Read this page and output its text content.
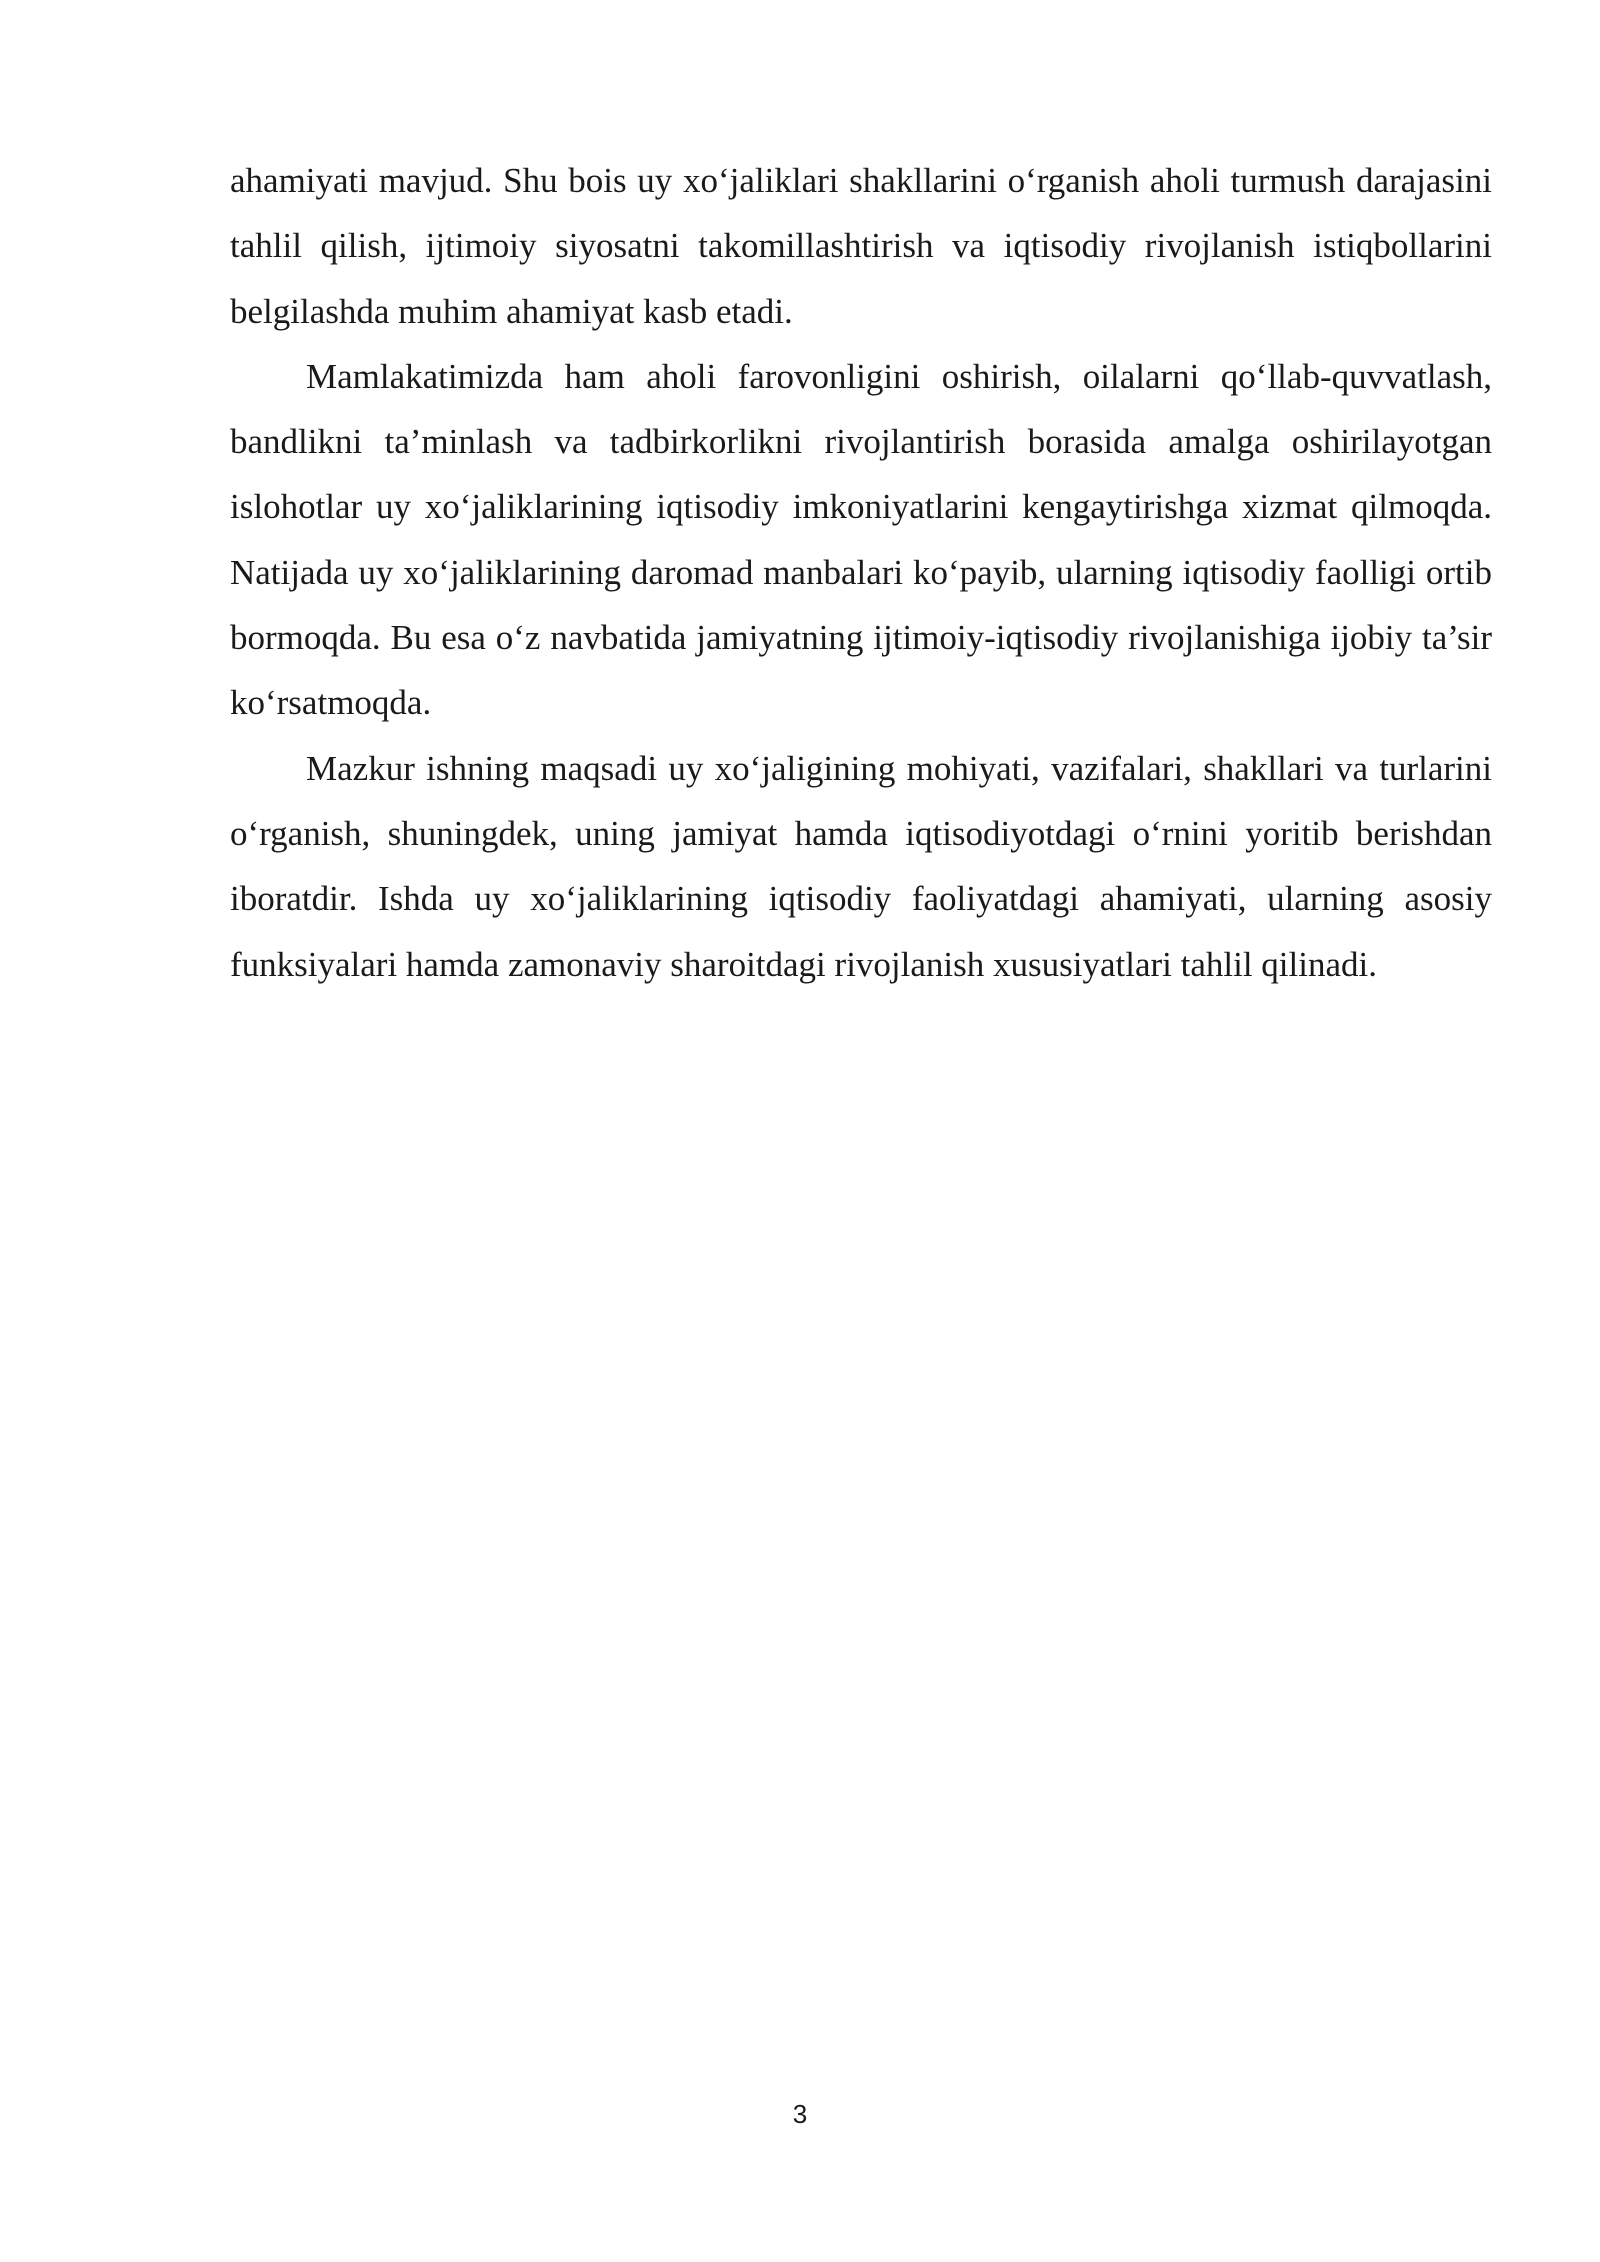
ahamiyati mavjud. Shu bois uy xo‘jaliklari shakllarini o‘rganish aholi turmush darajasini tahlil qilish, ijtimoiy siyosatni takomillashtirish va iqtisodiy rivojlanish istiqbollarini belgilashda muhim ahamiyat kasb etadi.

Mamlakatimizda ham aholi farovonligini oshirish, oilalarni qo‘llab-quvvatlash, bandlikni ta’minlash va tadbirkorlikni rivojlantirish borasida amalga oshirilayotgan islohotlar uy xo‘jaliklarining iqtisodiy imkoniyatlarini kengaytirishga xizmat qilmoqda. Natijada uy xo‘jaliklarining daromad manbalari ko‘payib, ularning iqtisodiy faolligi ortib bormoqda. Bu esa o‘z navbatida jamiyatning ijtimoiy-iqtisodiy rivojlanishiga ijobiy ta’sir ko‘rsatmoqda.

Mazkur ishning maqsadi uy xo‘jaligining mohiyati, vazifalari, shakllari va turlarini o‘rganish, shuningdek, uning jamiyat hamda iqtisodiyotdagi o‘rnini yoritib berishdan iboratdir. Ishda uy xo‘jaliklarining iqtisodiy faoliyatdagi ahamiyati, ularning asosiy funksiyalari hamda zamonaviy sharoitdagi rivojlanish xususiyatlari tahlil qilinadi.

3
